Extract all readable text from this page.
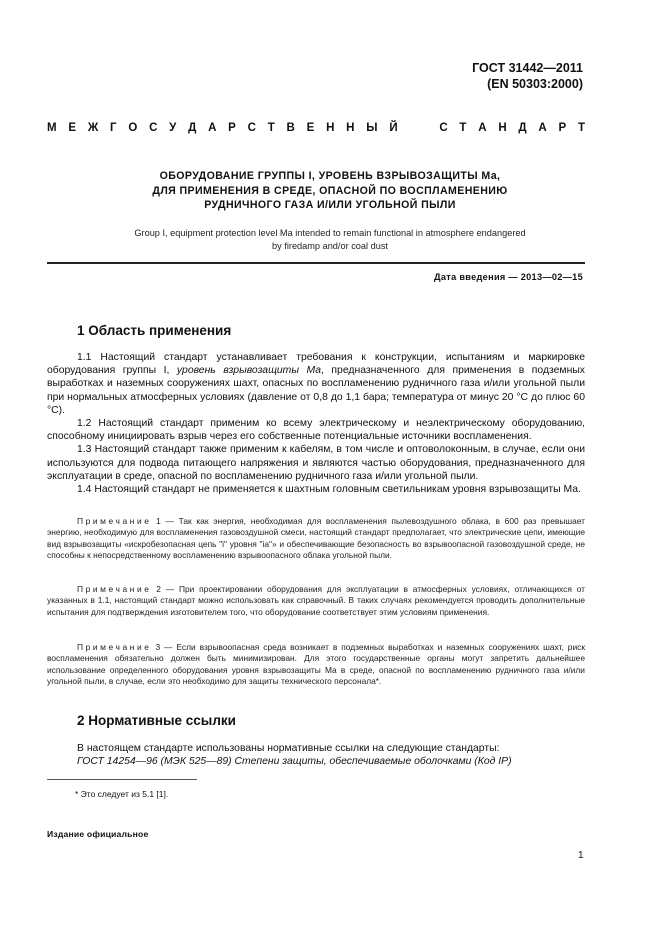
ГОСТ 31442—2011
(EN 50303:2000)
М Е Ж Г О С У Д А Р С Т В Е Н Н Ы Й

	С Т А Н Д А Р Т
ОБОРУДОВАНИЕ ГРУППЫ I, УРОВЕНЬ ВЗРЫВОЗАЩИТЫ Ма,
ДЛЯ ПРИМЕНЕНИЯ В СРЕДЕ, ОПАСНОЙ ПО ВОСПЛАМЕНЕНИЮ
РУДНИЧНОГО ГАЗА И/ИЛИ УГОЛЬНОЙ ПЫЛИ
Group I, equipment protection level Ma intended to remain functional in atmosphere endangered
by firedamp and/or coal dust
Дата введения — 2013—02—15
1 Область применения

1.1 Настоящий стандарт устанавливает требования к конструкции, испытаниям и маркировке оборудования группы I, уровень взрывозащиты Ма, предназначенного для применения в подземных выработках и наземных сооружениях шахт, опасных по воспламенению рудничного газа и/или угольной пыли при нормальных атмосферных условиях (давление от 0,8 до 1,1 бара; температура от минус 20 °С до плюс 60 °С).

1.2 Настоящий стандарт применим ко всему электрическому и неэлектрическому оборудованию, способному инициировать взрыв через его собственные потенциальные источники воспламенения.

1.3 Настоящий стандарт также применим к кабелям, в том числе и оптоволоконным, в случае, если они используются для подвода питающего напряжения и являются частью оборудования, предназначенного для эксплуатации в среде, опасной по воспламенению рудничного газа и/или угольной пыли.

1.4 Настоящий стандарт не применяется к шахтным головным светильникам уровня взрывозащиты Ма.

Примечание 1 — Так как энергия, необходимая для воспламенения пылевоздушного облака, в 600 раз превышает энергию, необходимую для воспламенения газовоздушной смеси, настоящий стандарт предполагает, что электрические цепи, имеющие вид взрывозащиты «искробезопасная цепь "i" уровня "ia"» и обеспечивающие безопасность во взрывоопасной газовоздушной среде, не способны к непосредственному воспламенению взрывоопасного облака угольной пыли.

Примечание 2 — При проектировании оборудования для эксплуатации в атмосферных условиях, отличающихся от указанных в 1.1, настоящий стандарт можно использовать как справочный. В таких случаях рекомендуется проводить дополнительные испытания для подтверждения изготовителем того, что оборудование соответствует этим условиям применения.

Примечание 3 — Если взрывоопасная среда возникает в подземных выработках и наземных сооружениях шахт, риск воспламенения обязательно должен быть минимизирован. Для этого государственные органы могут запретить дальнейшее использование определенного оборудования уровня взрывозащиты Ма в среде, опасной по воспламенению рудничного газа и/или угольной пыли, в случае, если это необходимо для защиты технического персонала*.

2 Нормативные ссылки

В настоящем стандарте использованы нормативные ссылки на следующие стандарты:

ГОСТ 14254—96 (МЭК 525—89) Степени защиты, обеспечиваемые оболочками (Код IP)

* Это следует из 5.1 [1].
Издание официальное
1
